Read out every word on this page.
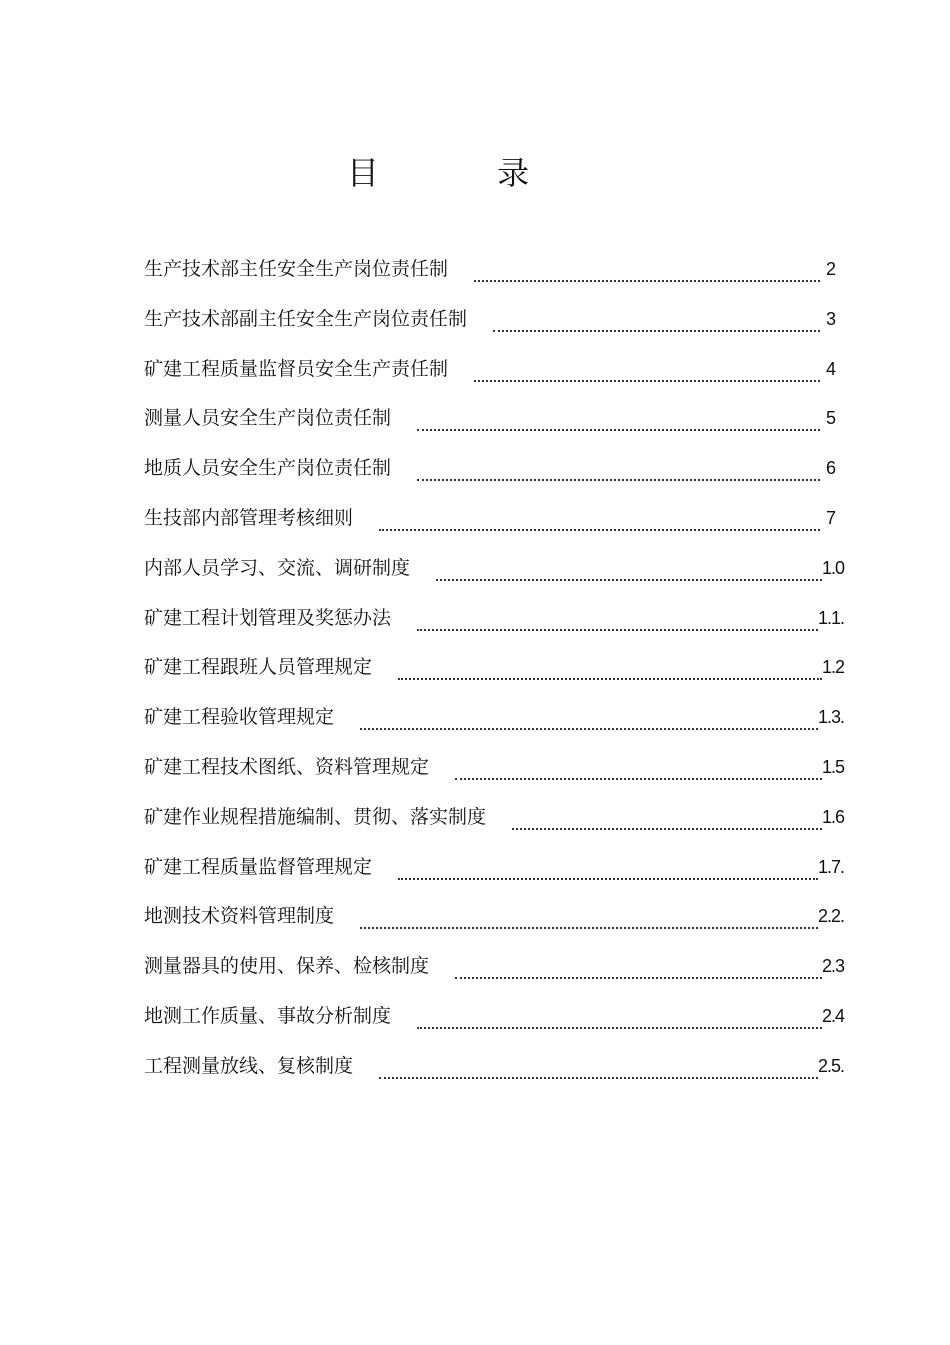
目 录
生产技术部主任安全生产岗位责任制	2
生产技术部副主任安全生产岗位责任制	3
矿建工程质量监督员安全生产责任制	4
测量人员安全生产岗位责任制	5
地质人员安全生产岗位责任制	6
生技部内部管理考核细则	7
内部人员学习、交流、调研制度	1.0
矿建工程计划管理及奖惩办法	1.1.
矿建工程跟班人员管理规定	1.2
矿建工程验收管理规定	1.3.
矿建工程技术图纸、资料管理规定	1.5
矿建作业规程措施编制、贯彻、落实制度	1.6
矿建工程质量监督管理规定	1.7.
地测技术资料管理制度	2.2.
测量器具的使用、保养、检核制度	2.3
地测工作质量、事故分析制度	2.4
工程测量放线、复核制度	2.5.
